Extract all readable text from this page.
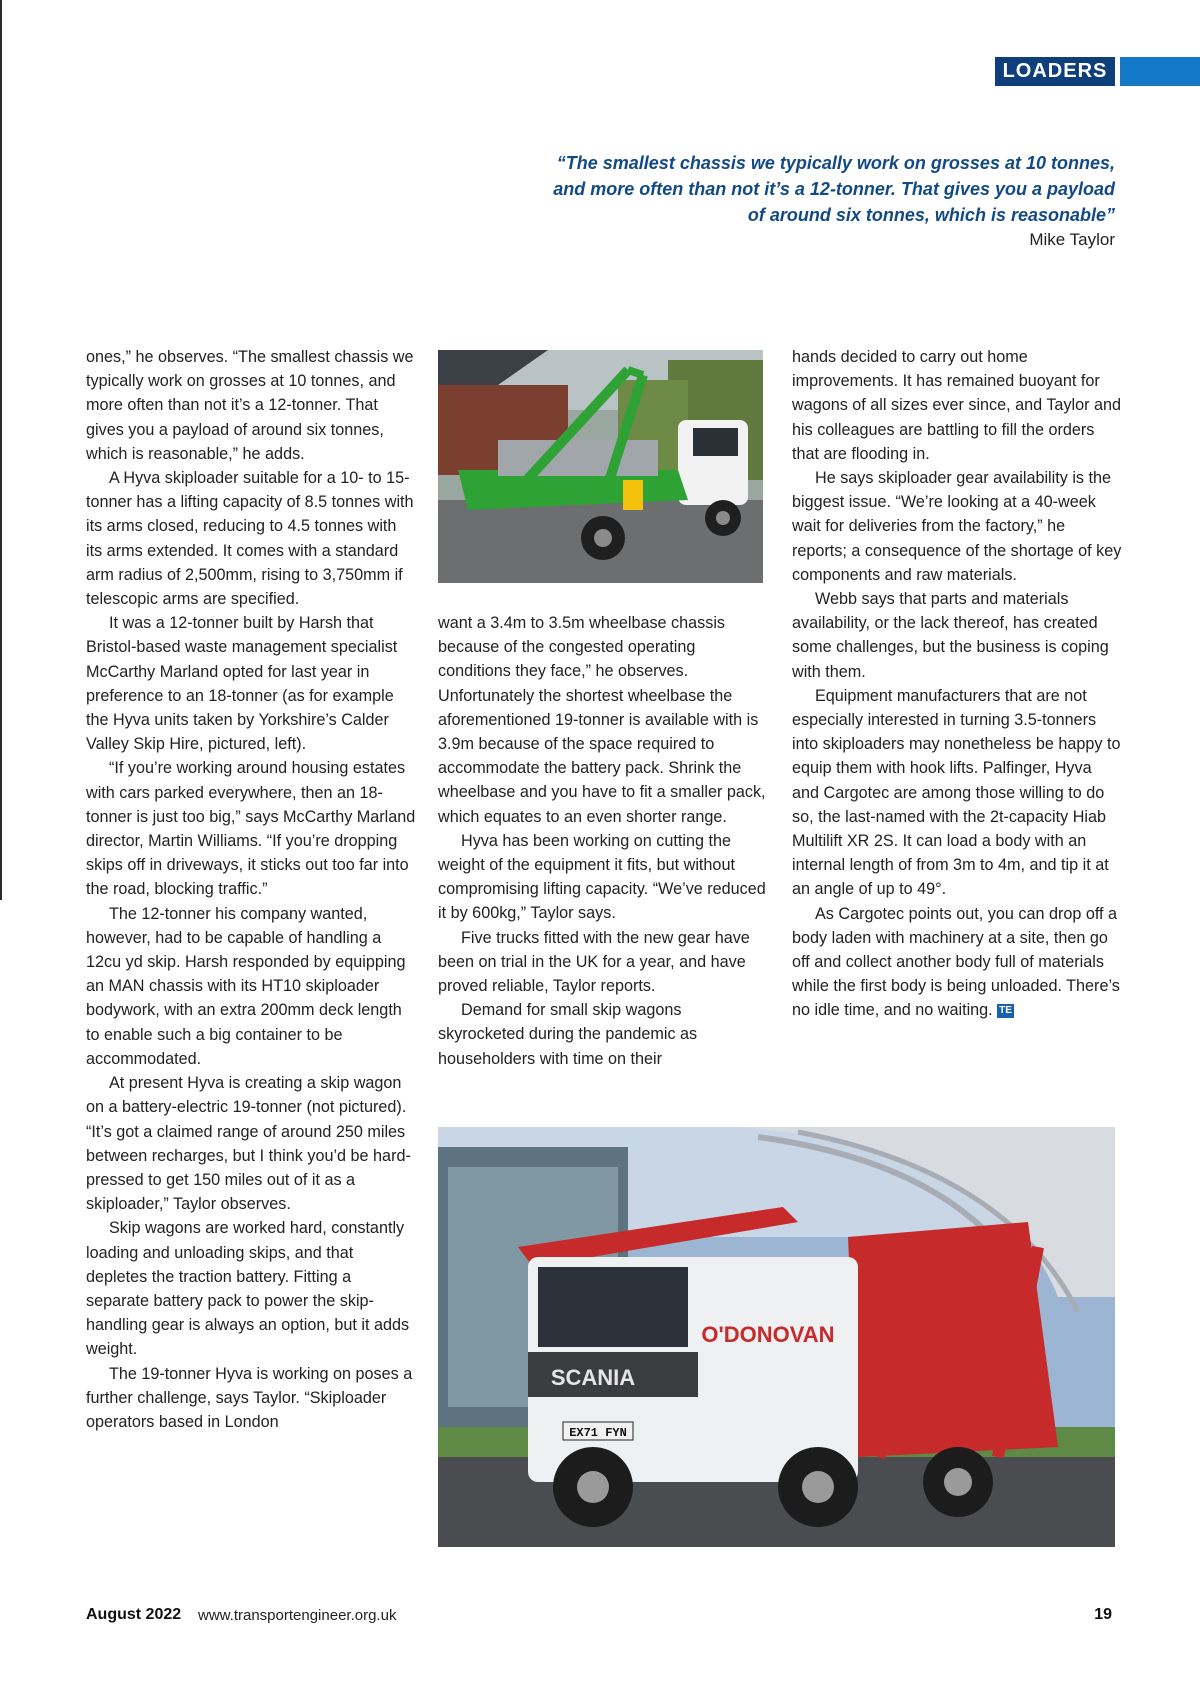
LOADERS
“The smallest chassis we typically work on grosses at 10 tonnes, and more often than not it’s a 12-tonner. That gives you a payload of around six tonnes, which is reasonable”
Mike Taylor

ones,” he observes. “The smallest chassis we typically work on grosses at 10 tonnes, and more often than not it’s a 12-tonner. That gives you a payload of around six tonnes, which is reasonable,” he adds.

A Hyva skiploader suitable for a 10- to 15-tonner has a lifting capacity of 8.5 tonnes with its arms closed, reducing to 4.5 tonnes with its arms extended. It comes with a standard arm radius of 2,500mm, rising to 3,750mm if telescopic arms are specified.

It was a 12-tonner built by Harsh that Bristol-based waste management specialist McCarthy Marland opted for last year in preference to an 18-tonner (as for example the Hyva units taken by Yorkshire’s Calder Valley Skip Hire, pictured, left).

“If you’re working around housing estates with cars parked everywhere, then an 18-tonner is just too big,” says McCarthy Marland director, Martin Williams. “If you’re dropping skips off in driveways, it sticks out too far into the road, blocking traffic.”

The 12-tonner his company wanted, however, had to be capable of handling a 12cu yd skip. Harsh responded by equipping an MAN chassis with its HT10 skiploader bodywork, with an extra 200mm deck length to enable such a big container to be accommodated.

At present Hyva is creating a skip wagon on a battery-electric 19-tonner (not pictured). “It’s got a claimed range of around 250 miles between recharges, but I think you’d be hard-pressed to get 150 miles out of it as a skiploader,” Taylor observes.

Skip wagons are worked hard, constantly loading and unloading skips, and that depletes the traction battery. Fitting a separate battery pack to power the skip-handling gear is always an option, but it adds weight.

The 19-tonner Hyva is working on poses a further challenge, says Taylor. “Skiploader operators based in London

want a 3.4m to 3.5m wheelbase chassis because of the congested operating conditions they face,” he observes. Unfortunately the shortest wheelbase the aforementioned 19-tonner is available with is 3.9m because of the space required to accommodate the battery pack. Shrink the wheelbase and you have to fit a smaller pack, which equates to an even shorter range.

Hyva has been working on cutting the weight of the equipment it fits, but without compromising lifting capacity. “We’ve reduced it by 600kg,” Taylor says.

Five trucks fitted with the new gear have been on trial in the UK for a year, and have proved reliable, Taylor reports.

Demand for small skip wagons skyrocketed during the pandemic as householders with time on their

hands decided to carry out home improvements. It has remained buoyant for wagons of all sizes ever since, and Taylor and his colleagues are battling to fill the orders that are flooding in.

He says skiploader gear availability is the biggest issue. “We’re looking at a 40-week wait for deliveries from the factory,” he reports; a consequence of the shortage of key components and raw materials.

Webb says that parts and materials availability, or the lack thereof, has created some challenges, but the business is coping with them.

Equipment manufacturers that are not especially interested in turning 3.5-tonners into skiploaders may nonetheless be happy to equip them with hook lifts. Palfinger, Hyva and Cargotec are among those willing to do so, the last-named with the 2t-capacity Hiab Multilift XR 2S. It can load a body with an internal length of from 3m to 4m, and tip it at an angle of up to 49°.

As Cargotec points out, you can drop off a body laden with machinery at a site, then go off and collect another body full of materials while the first body is being unloaded. There’s no idle time, and no waiting. TE

SCANIA
O'DONOVAN
EX71 FYN
August 2022 www.transportengineer.org.uk	19
